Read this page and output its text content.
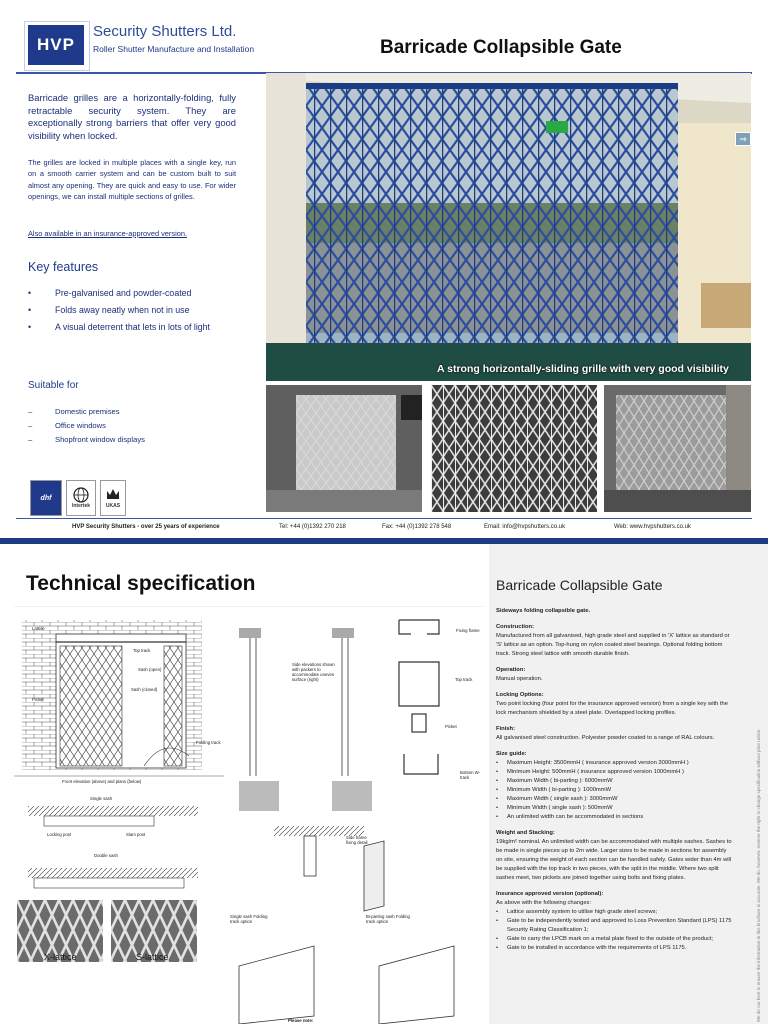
HVP
Security Shutters Ltd.
Roller Shutter Manufacture and Installation	Barricade Collapsible Gate

Barricade grilles are a horizontally-folding, fully retractable security system. They are exceptionally strong barriers that offer very good visibility when locked.

The grilles are locked in multiple places with a single key, run on a smooth carrier system and can be custom built to suit almost any opening. They are quick and easy to use. For wider openings, we can install multiple sections of grilles.

Also available in an insurance-approved version.

Key features
•	Pre-galvanised and powder-coated
•	Folds away neatly when not in use
•	A visual deterrent that lets in lots of light
Suitable for
–	Domestic premises
–	Office windows
–	Shopfront window displays
dhf
Intertek	UKAS
⇒
A strong horizontally-sliding grille with very good visibility
HVP Security Shutters - over 25 years of experience	Tel: +44 (0)1392 270 218	Fax: +44 (0)1392 278 548	Email: info@hvpshutters.co.uk	Web: www.hvpshutters.co.uk
Technical specification
Lattice
Top track
Sash (open)
Sash (closed)
Picket
Folding track
Front elevation (above) and plans (below)
Single sash
Locking post	Slam post
Double sash
Side elevations shown with packers to accommodate uneven surface (right)
Fixing frame
Top track
Picket
Bottom W-track
Side frame fixing detail
Single sash Folding track option
Bi-parting sash Folding track option
Please note:
X-lattice	S-lattice
Barricade Collapsible Gate
Sideways folding collapsible gate.
Construction:
Manufactured from all galvanised, high grade steel and supplied in 'X' lattice as standard or 'S' lattice as an option. Top-hung on nylon coated steel bearings. Optional folding bottom track. Strong steel lattice with smooth durable finish.
Operation:
Manual operation.
Locking Options:
Two point locking (four point for the insurance approved version) from a single key with the lock mechanism shielded by a steel plate. Overlapped locking profiles.
Finish:
All galvanised steel construction. Polyester powder coated to a range of RAL colours.
Size guide:
•	Maximum Height: 3500mmH ( insurance approved version 3000mmH )
•	Minimum Height: 500mmH ( insurance approved version 1000mmH )
•	Maximum Width ( bi-parting ): 6000mmW
•	Minimum Width ( bi-parting ): 1000mmW
•	Maximum Width ( single sash ): 3000mmW
•	Minimum Width ( single sash ): 500mmW
•	An unlimited width can be accommodated in sections
Weight and Stacking:
19kg/m² nominal. An unlimited width can be accommodated with multiple sashes. Sashes to be made in single pieces up to 2m wide. Larger sizes to be made in sections for assembly on site, ensuring the weight of each section can be handled safely. Gates wider than 4m will be supplied with the top track in two pieces, with the split in the middle. Where two split sashes meet, two pickets are joined together using bolts and fixing plates.
Insurance approved version (optional):
As above with the following changes:
•	Lattice assembly system to utilise high grade steel screws;
•	Gate to be independently tested and approved to Loss Prevention Standard (LPS) 1175 Security Rating Classification 1;
•	Gate to carry the LPCB mark on a metal plate fixed to the outside of the product;
•	Gate to be installed in accordance with the requirements of LPS 1175.	We do our best to ensure the information in this brochure is accurate. We do, however, reserve the right to change specification without prior notice.
